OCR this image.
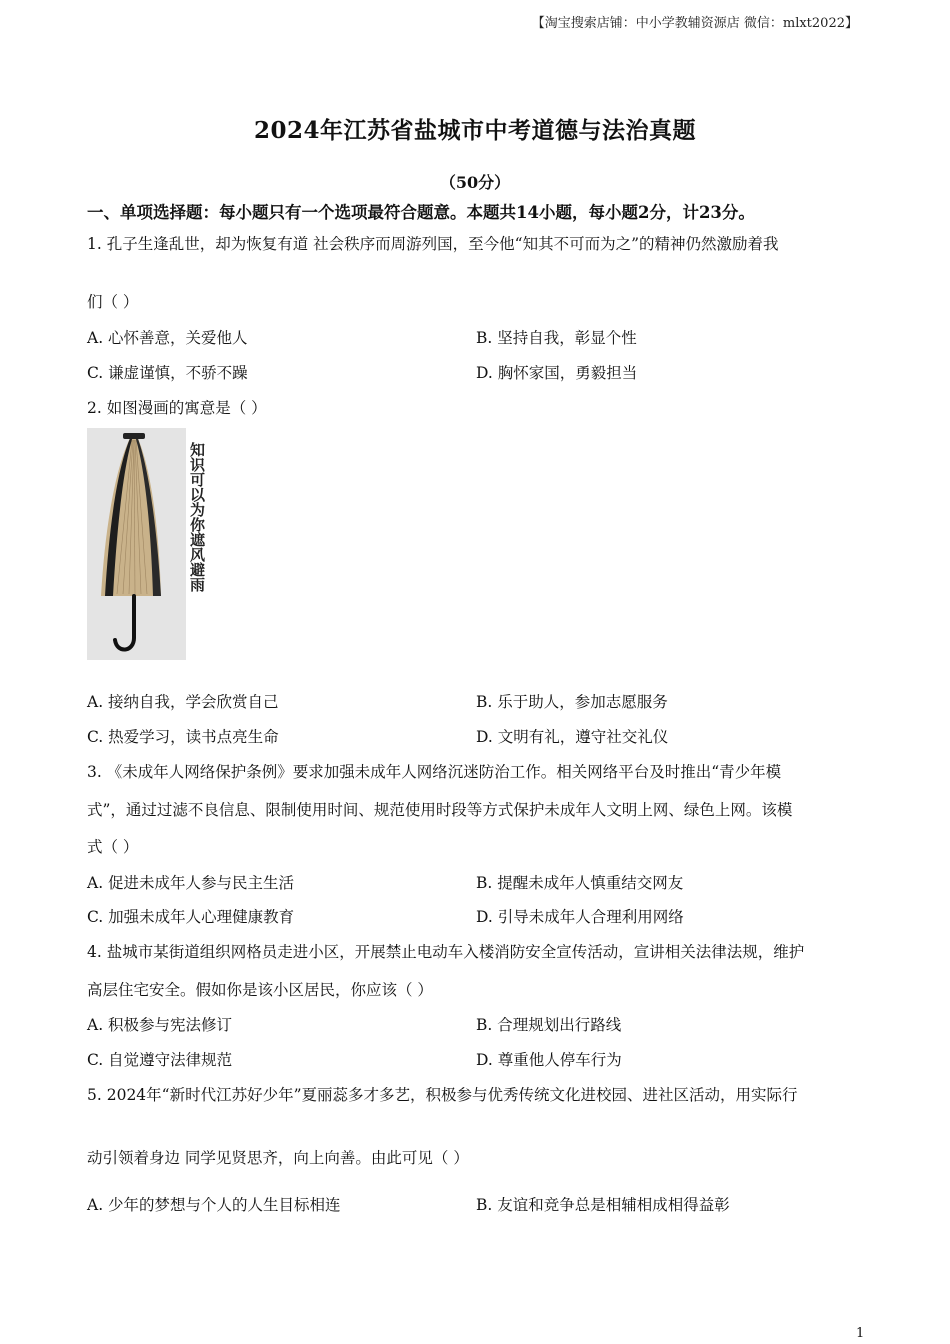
【淘宝搜索店铺：中小学教辅资源店 微信：mlxt2022】
2024年江苏省盐城市中考道德与法治真题
（50分）
一、单项选择题：每小题只有一个选项最符合题意。本题共14小题，每小题2分，计23分。
1. 孔子生逢乱世，却为恢复有道 社会秩序而周游列国，至今他“知其不可而为之”的精神仍然激励着我
们（ ）
A. 心怀善意，关爱他人	B. 坚持自我，彰显个性
C. 谦虚谨慎，不骄不躁	D. 胸怀家国，勇毅担当
2. 如图漫画的寓意是（ ）
知识可以为你遮风避雨
A. 接纳自我，学会欣赏自己	B. 乐于助人，参加志愿服务
C. 热爱学习，读书点亮生命	D. 文明有礼，遵守社交礼仪
3. 《未成年人网络保护条例》要求加强未成年人网络沉迷防治工作。相关网络平台及时推出“青少年模
式”，通过过滤不良信息、限制使用时间、规范使用时段等方式保护未成年人文明上网、绿色上网。该模
式（ ）
A. 促进未成年人参与民主生活	B. 提醒未成年人慎重结交网友
C. 加强未成年人心理健康教育	D. 引导未成年人合理利用网络
4. 盐城市某街道组织网格员走进小区，开展禁止电动车入楼消防安全宣传活动，宣讲相关法律法规，维护
高层住宅安全。假如你是该小区居民，你应该（ ）
A. 积极参与宪法修订	B. 合理规划出行路线
C. 自觉遵守法律规范	D. 尊重他人停车行为
5. 2024年“新时代江苏好少年”夏丽蕊多才多艺，积极参与优秀传统文化进校园、进社区活动，用实际行
动引领着身边 同学见贤思齐，向上向善。由此可见（ ）
A. 少年的梦想与个人的人生目标相连	B. 友谊和竞争总是相辅相成相得益彰
1
